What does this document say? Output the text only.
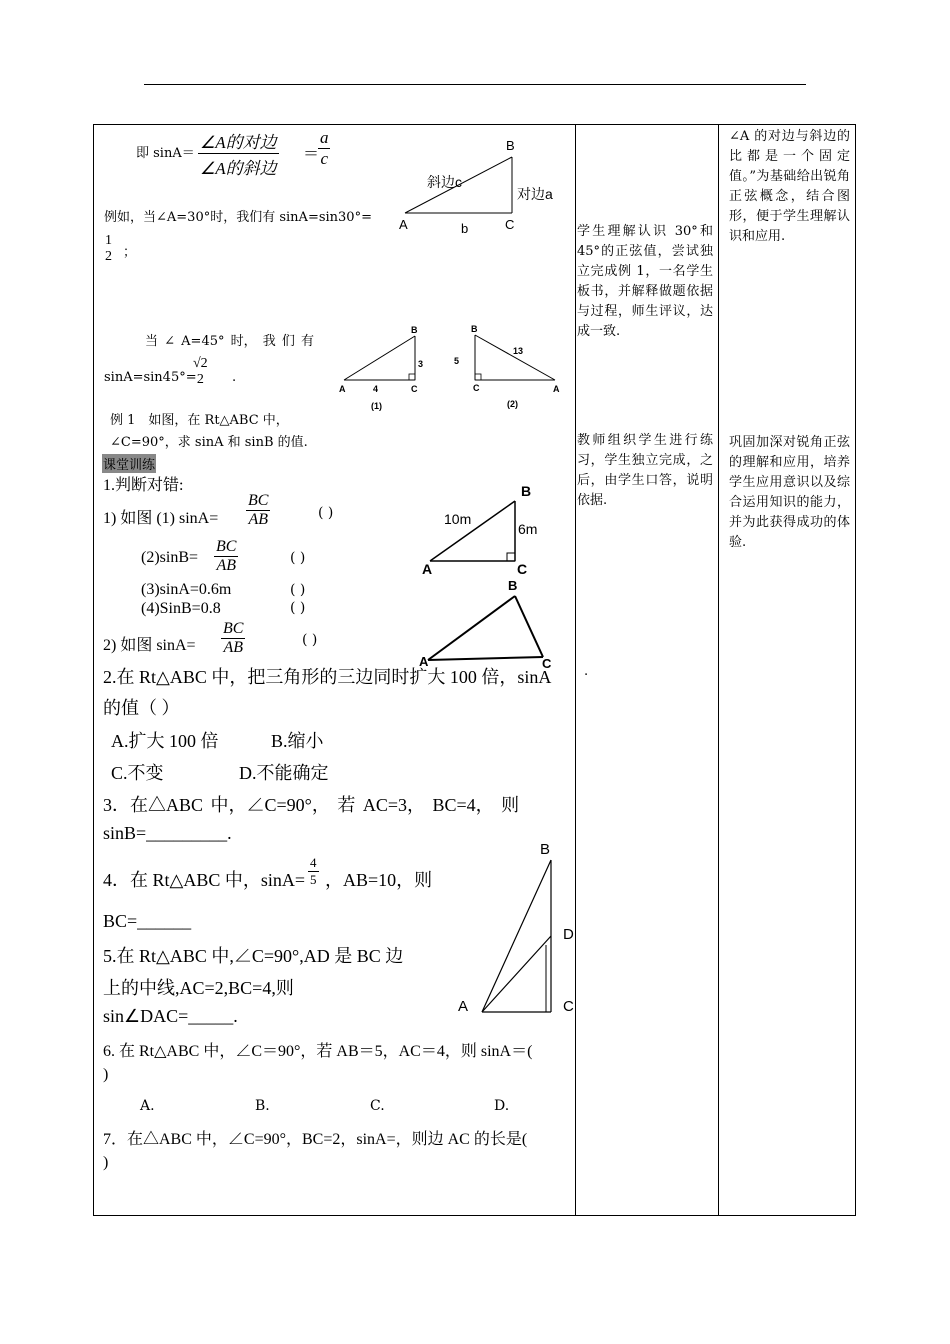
即 sinA＝
∠A的对边
∠A的斜边
＝
$\frac{a}{c}$	B
A	C
斜边c
对边a
b
例如，当∠A=30°时，我们有 sinA=sin30°=
1
2 ；
当 ∠ A=45° 时， 我 们 有
sinA=sin45°=
√2
2 .
B
A	C
3
4
(1)
B
A
C
5
13
(2)
例 1　如图，在 Rt△ABC 中，
∠C=90°，求 sinA 和 sinB 的值.
课堂训练
1.判断对错:
1) 如图 (1) $\sin A= \frac{BC}{AB}$	( )
$(2)\sin B= \frac{BC}{AB}$	( )
(3)sinA=0.6m	( )
(4)SinB=0.8	( )
2) 如图 $\sin A= \frac{BC}{AB}$	( )
B
A	C
10m
6m
B
A	C
2.在 Rt△ABC 中，把三角形的三边同时扩大 100 倍，sinA
的值（ ）
A.扩大 100 倍	B.缩小
C.不变	D.不能确定
3．在△ABC 中，∠C=90°， 若 AC=3， BC=4， 则
sinB=_________.
4．在 Rt△ABC 中，$\sin A= \frac{4}{5}$ ，AB=10，则
BC=______
5.在 Rt△ABC 中,∠C=90°,AD 是 BC 边
上的中线,AC=2,BC=4,则
sin∠DAC=_____.
B
D
A	C
6. 在 Rt△ABC 中，∠C＝90°，若 AB＝5，AC＝4，则 sinA＝(
)
A.	B.	C.	D.
7．在△ABC 中，∠C=90°，BC=2，sinA=，则边 AC 的长是(
)
学生理解认识 30°和 45°的正弦值，尝试独立完成例 1，一名学生板书，并解释做题依据与过程，师生评议，达成一致.
教师组织学生进行练习，学生独立完成，之后，由学生口答，说明依据.
.
∠A 的对边与斜边的比都是一个固定值。”为基础给出锐角正弦概念，结合图形，便于学生理解认识和应用.
巩固加深对锐角正弦的理解和应用，培养学生应用意识以及综合运用知识的能力，并为此获得成功的体验.
